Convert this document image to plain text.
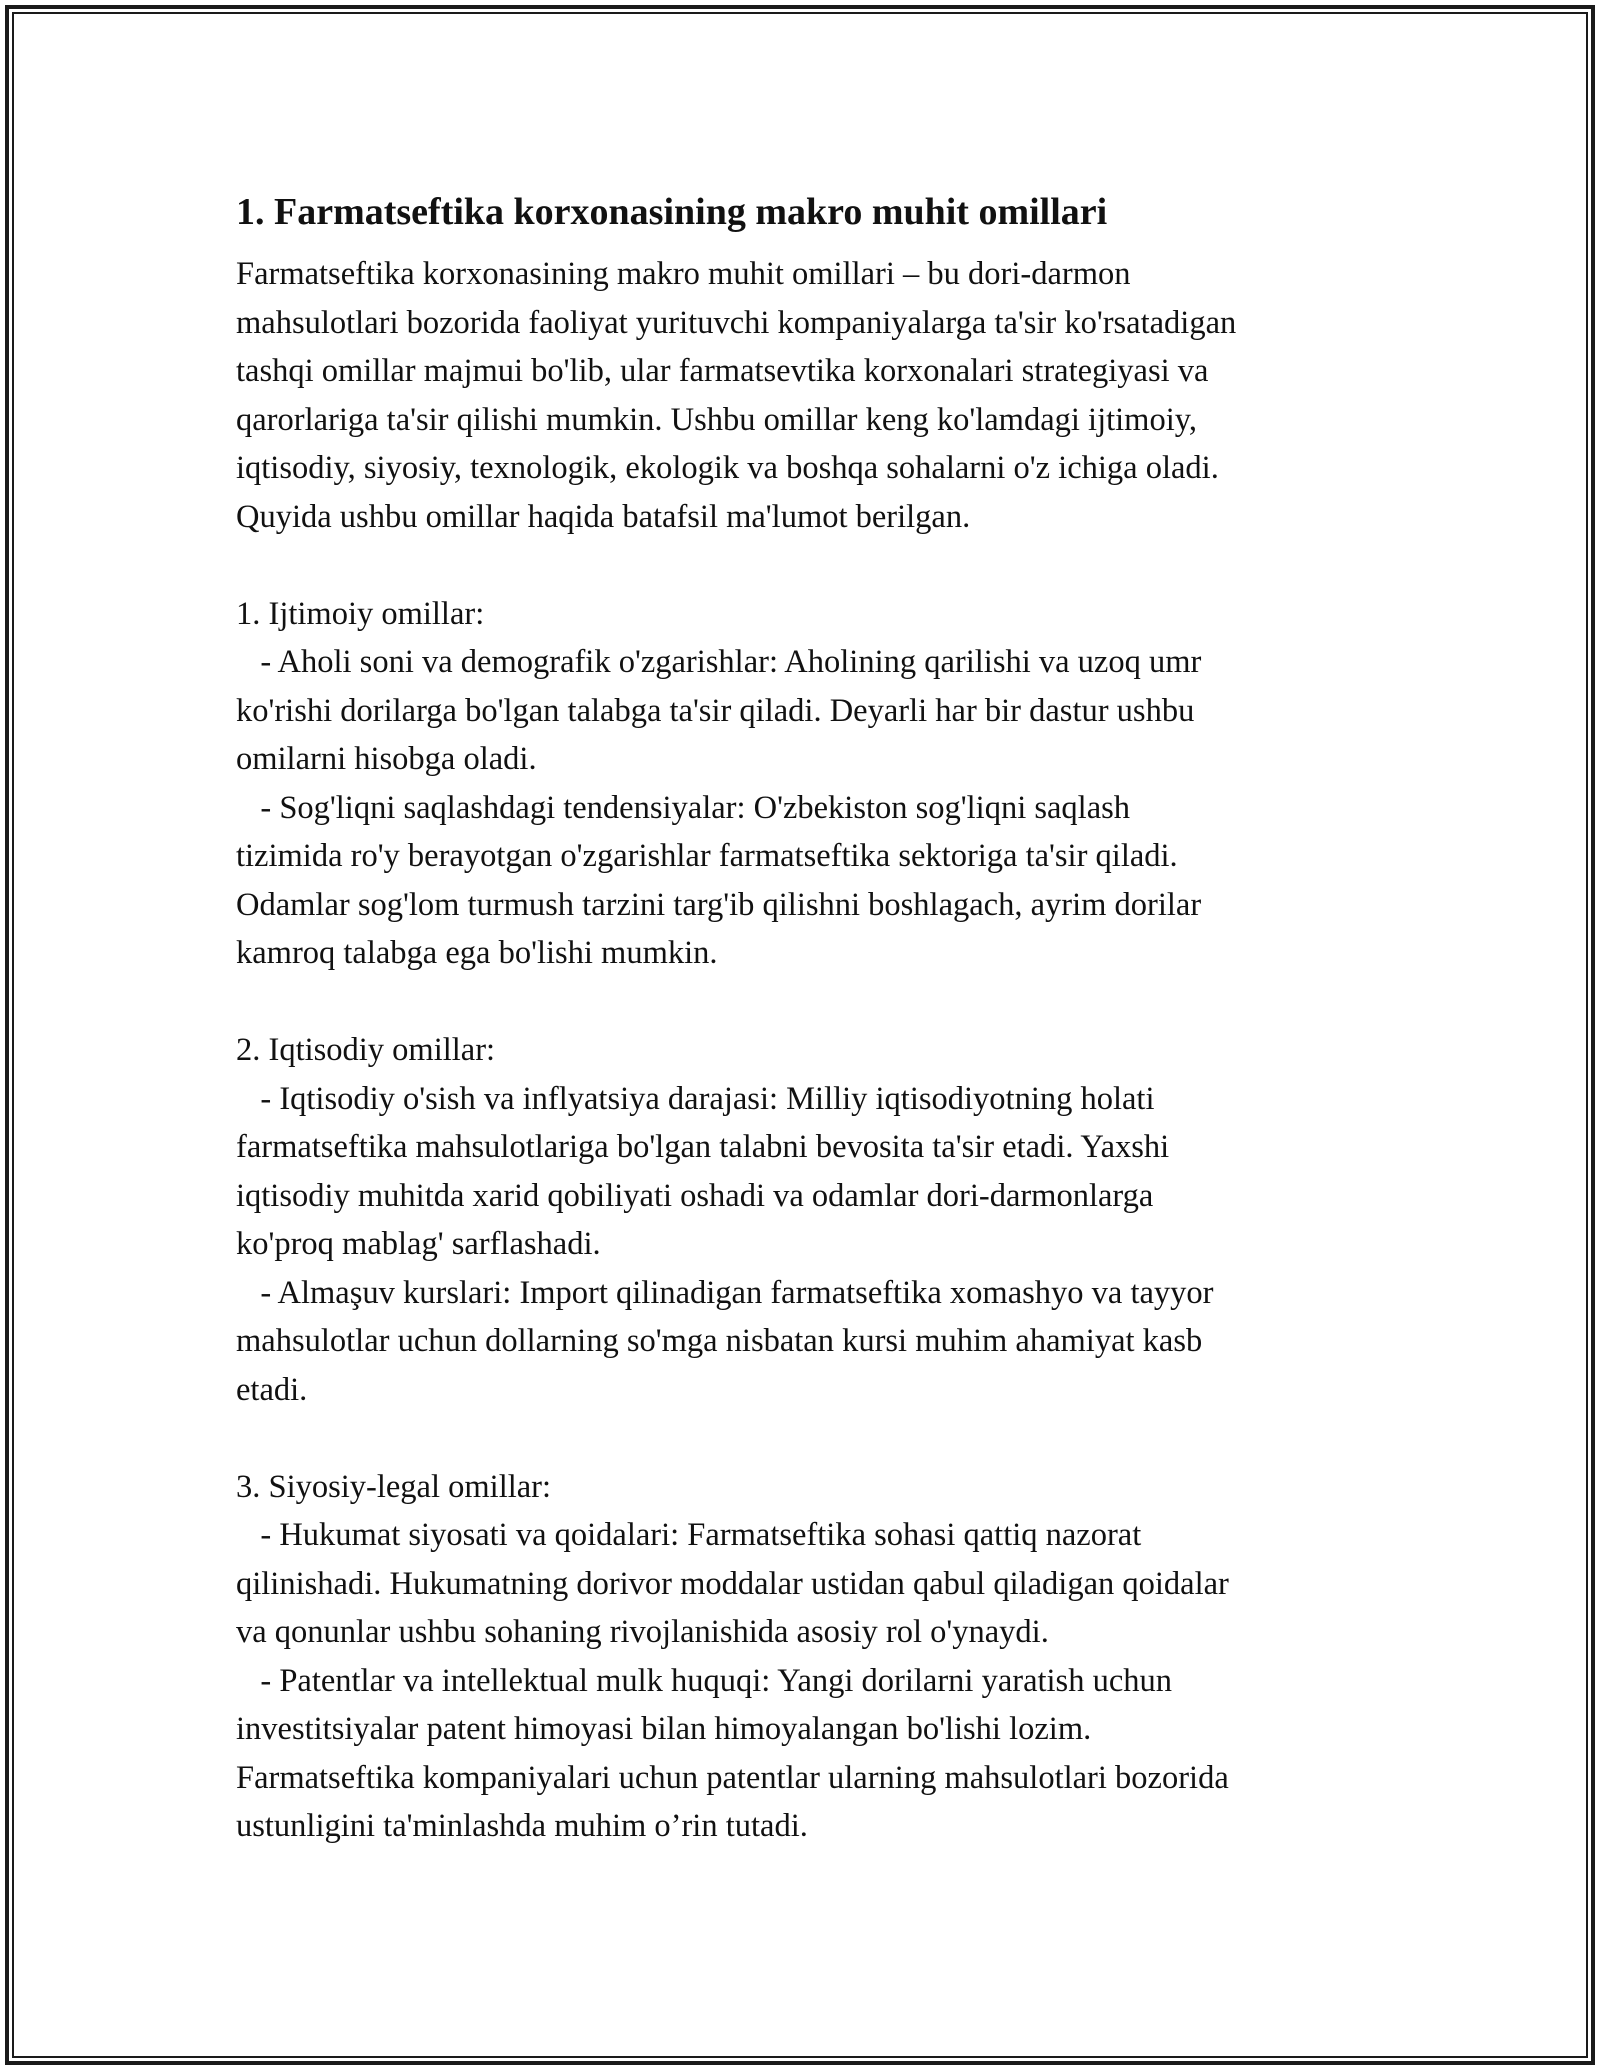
1. Farmatseftika korxonasining makro muhit omillari
Farmatseftika korxonasining makro muhit omillari – bu dori-darmon
mahsulotlari bozorida faoliyat yurituvchi kompaniyalarga ta'sir ko'rsatadigan
tashqi omillar majmui bo'lib, ular farmatsevtika korxonalari strategiyasi va
qarorlariga ta'sir qilishi mumkin. Ushbu omillar keng ko'lamdagi ijtimoiy,
iqtisodiy, siyosiy, texnologik, ekologik va boshqa sohalarni o'z ichiga oladi.
Quyida ushbu omillar haqida batafsil ma'lumot berilgan.
1. Ijtimoiy omillar:
- Aholi soni va demografik o'zgarishlar: Aholining qarilishi va uzoq umr
ko'rishi dorilarga bo'lgan talabga ta'sir qiladi. Deyarli har bir dastur ushbu
omilarni hisobga oladi.
- Sog'liqni saqlashdagi tendensiyalar: O'zbekiston sog'liqni saqlash
tizimida ro'y berayotgan o'zgarishlar farmatseftika sektoriga ta'sir qiladi.
Odamlar sog'lom turmush tarzini targ'ib qilishni boshlagach, ayrim dorilar
kamroq talabga ega bo'lishi mumkin.
2. Iqtisodiy omillar:
- Iqtisodiy o'sish va inflyatsiya darajasi: Milliy iqtisodiyotning holati
farmatseftika mahsulotlariga bo'lgan talabni bevosita ta'sir etadi. Yaxshi
iqtisodiy muhitda xarid qobiliyati oshadi va odamlar dori-darmonlarga
ko'proq mablag' sarflashadi.
- Almaşuv kurslari: Import qilinadigan farmatseftika xomashyo va tayyor
mahsulotlar uchun dollarning so'mga nisbatan kursi muhim ahamiyat kasb
etadi.
3. Siyosiy-legal omillar:
- Hukumat siyosati va qoidalari: Farmatseftika sohasi qattiq nazorat
qilinishadi. Hukumatning dorivor moddalar ustidan qabul qiladigan qoidalar
va qonunlar ushbu sohaning rivojlanishida asosiy rol o'ynaydi.
- Patentlar va intellektual mulk huquqi: Yangi dorilarni yaratish uchun
investitsiyalar patent himoyasi bilan himoyalangan bo'lishi lozim.
Farmatseftika kompaniyalari uchun patentlar ularning mahsulotlari bozorida
ustunligini ta'minlashda muhim o’rin tutadi.
